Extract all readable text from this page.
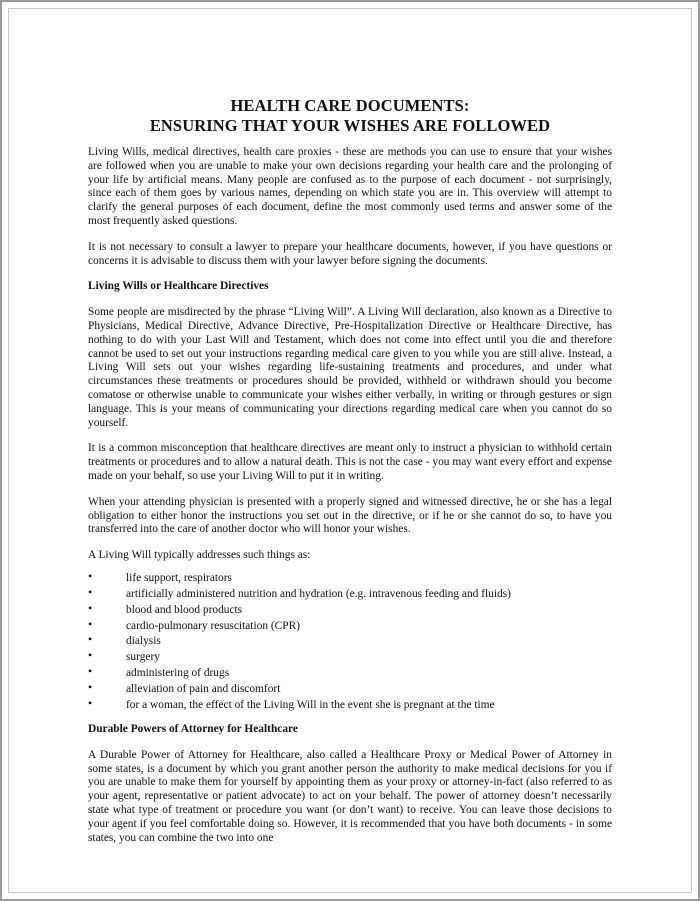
HEALTH CARE DOCUMENTS:
ENSURING THAT YOUR WISHES ARE FOLLOWED

Living Wills, medical directives, health care proxies - these are methods you can use to ensure that your wishes are followed when you are unable to make your own decisions regarding your health care and the prolonging of your life by artificial means. Many people are confused as to the purpose of each document - not surprisingly, since each of them goes by various names, depending on which state you are in. This overview will attempt to clarify the general purposes of each document, define the most commonly used terms and answer some of the most frequently asked questions.

It is not necessary to consult a lawyer to prepare your healthcare documents, however, if you have questions or concerns it is advisable to discuss them with your lawyer before signing the documents.

Living Wills or Healthcare Directives

Some people are misdirected by the phrase “Living Will”. A Living Will declaration, also known as a Directive to Physicians, Medical Directive, Advance Directive, Pre-Hospitalization Directive or Healthcare Directive, has nothing to do with your Last Will and Testament, which does not come into effect until you die and therefore cannot be used to set out your instructions regarding medical care given to you while you are still alive. Instead, a Living Will sets out your wishes regarding life-sustaining treatments and procedures, and under what circumstances these treatments or procedures should be provided, withheld or withdrawn should you become comatose or otherwise unable to communicate your wishes either verbally, in writing or through gestures or sign language. This is your means of communicating your directions regarding medical care when you cannot do so yourself.

It is a common misconception that healthcare directives are meant only to instruct a physician to withhold certain treatments or procedures and to allow a natural death. This is not the case - you may want every effort and expense made on your behalf, so use your Living Will to put it in writing.

When your attending physician is presented with a properly signed and witnessed directive, he or she has a legal obligation to either honor the instructions you set out in the directive, or if he or she cannot do so, to have you transferred into the care of another doctor who will honor your wishes.

A Living Will typically addresses such things as:

•	life support, respirators
•	artificially administered nutrition and hydration (e.g. intravenous feeding and fluids)
•	blood and blood products
•	cardio-pulmonary resuscitation (CPR)
•	dialysis
•	surgery
•	administering of drugs
•	alleviation of pain and discomfort
•	for a woman, the effect of the Living Will in the event she is pregnant at the time
Durable Powers of Attorney for Healthcare

A Durable Power of Attorney for Healthcare, also called a Healthcare Proxy or Medical Power of Attorney in some states, is a document by which you grant another person the authority to make medical decisions for you if you are unable to make them for yourself by appointing them as your proxy or attorney-in-fact (also referred to as your agent, representative or patient advocate) to act on your behalf. The power of attorney doesn’t necessarily state what type of treatment or procedure you want (or don’t want) to receive. You can leave those decisions to your agent if you feel comfortable doing so. However, it is recommended that you have both documents - in some states, you can combine the two into one
